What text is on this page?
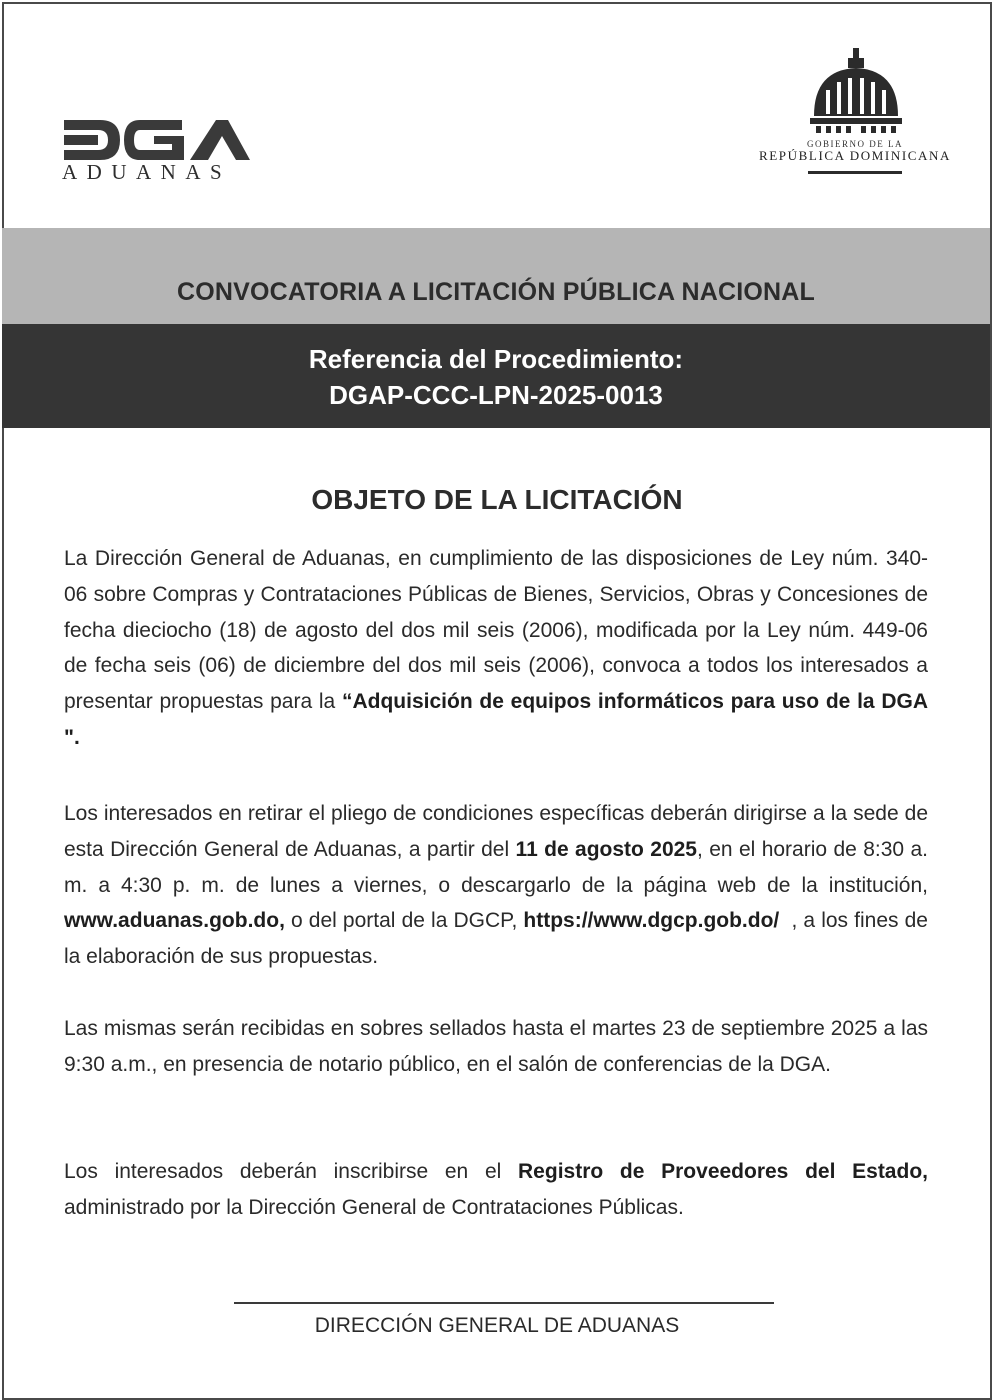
ADUANAS
GOBIERNO DE LA
REPÚBLICA DOMINICANA
CONVOCATORIA A LICITACIÓN PÚBLICA NACIONAL
Referencia del Procedimiento:
DGAP-CCC-LPN-2025-0013
OBJETO DE LA LICITACIÓN

La Dirección General de Aduanas, en cumplimiento de las disposiciones de Ley núm. 340-06 sobre Compras y Contrataciones Públicas de Bienes, Servicios, Obras y Concesiones de fecha dieciocho (18) de agosto del dos mil seis (2006), modificada por la Ley núm. 449-06 de fecha seis (06) de diciembre del dos mil seis (2006), convoca a todos los interesados a presentar propuestas para la “Adquisición de equipos informáticos para uso de la DGA ".

Los interesados en retirar el pliego de condiciones específicas deberán dirigirse a la sede de esta Dirección General de Aduanas, a partir del 11 de agosto 2025, en el horario de 8:30 a. m. a 4:30 p. m. de lunes a viernes, o descargarlo de la página web de la institución, www.aduanas.gob.do, o del portal de la DGCP, https://www.dgcp.gob.do/ , a los fines de la elaboración de sus propuestas.

Las mismas serán recibidas en sobres sellados hasta el martes 23 de septiembre 2025 a las 9:30 a.m., en presencia de notario público, en el salón de conferencias de la DGA.

Los interesados deberán inscribirse en el Registro de Proveedores del Estado, administrado por la Dirección General de Contrataciones Públicas.

DIRECCIÓN GENERAL DE ADUANAS
